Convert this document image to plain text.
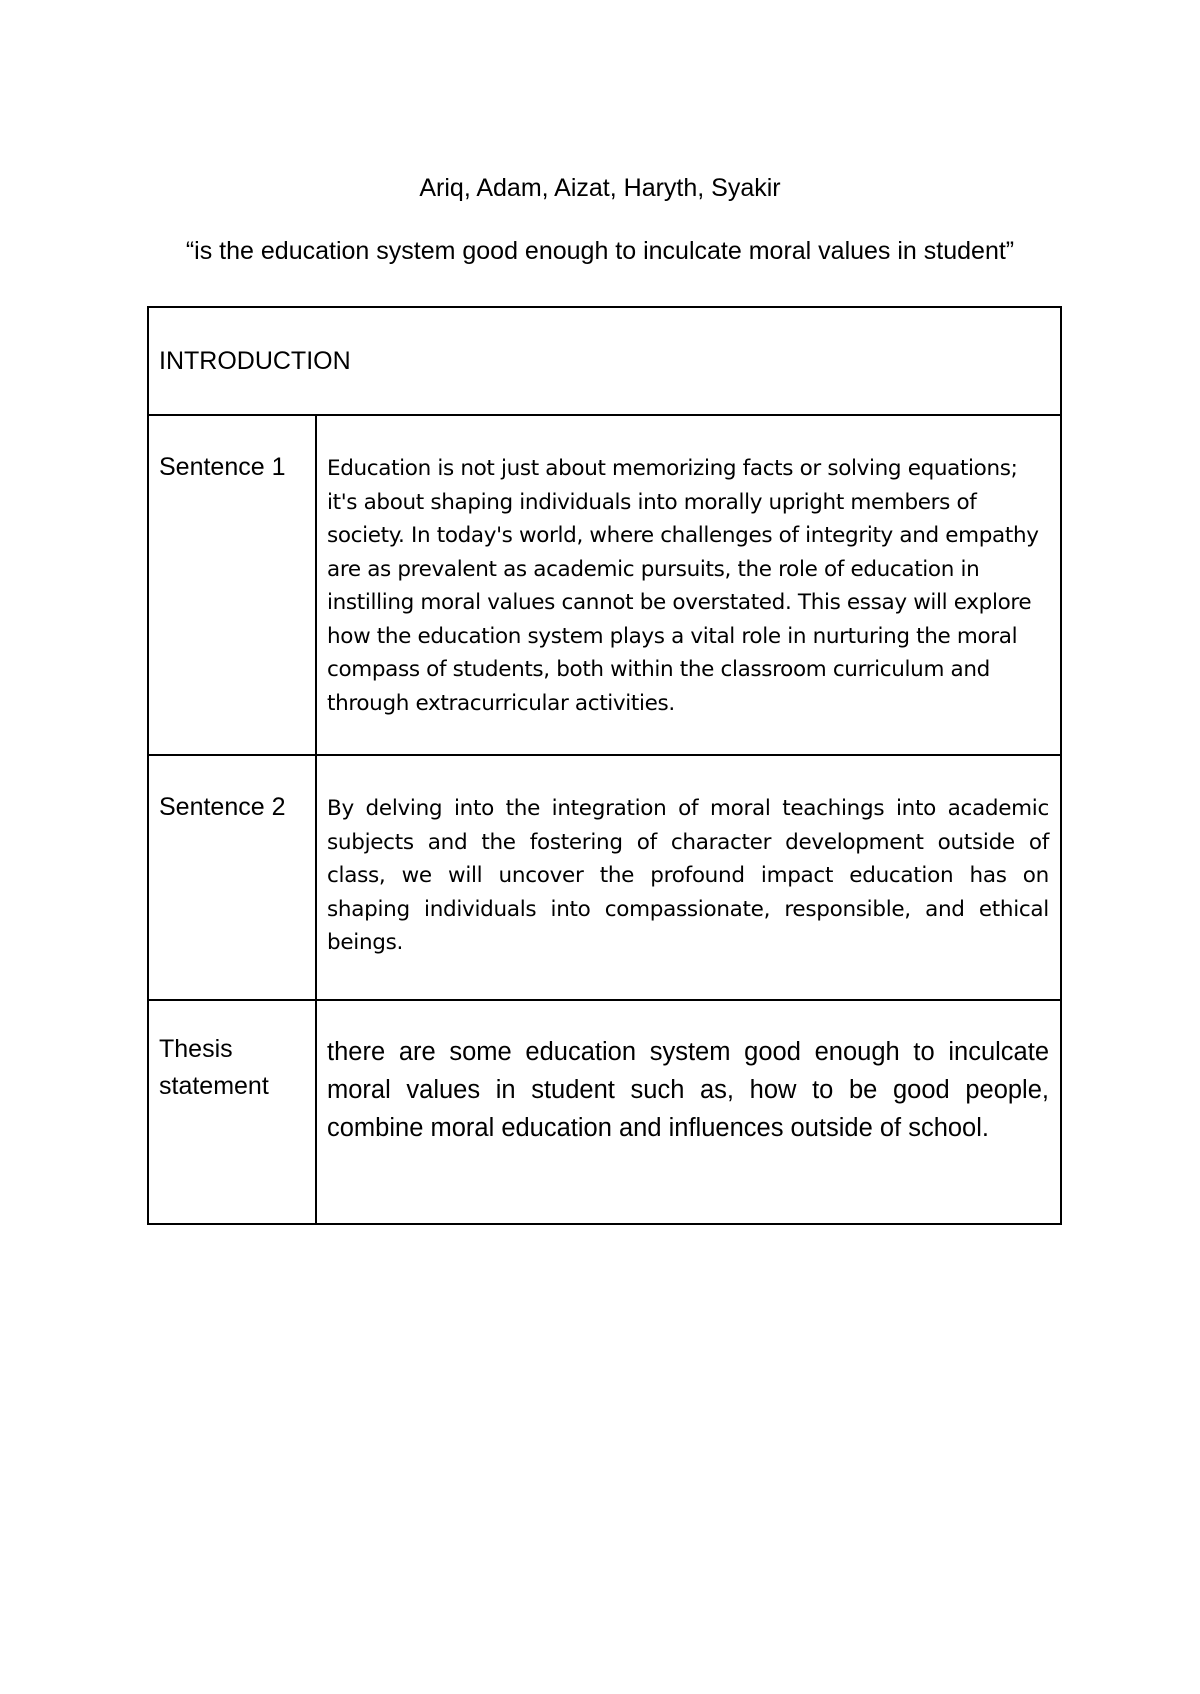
Ariq, Adam, Aizat, Haryth, Syakir
“is the education system good enough to inculcate moral values in student”
INTRODUCTION	

Sentence 1	Education is not just about memorizing facts or solving equations; it's about shaping individuals into morally upright members of society. In today's world, where challenges of integrity and empathy are as prevalent as academic pursuits, the role of education in instilling moral values cannot be overstated. This essay will explore how the education system plays a vital role in nurturing the moral compass of students, both within the classroom curriculum and through extracurricular activities.

Sentence 2	By delving into the integration of moral teachings into academic subjects and the fostering of character development outside of class, we will uncover the profound impact education has on shaping individuals into compassionate, responsible, and ethical beings.

Thesis statement	there are some education system good enough to inculcate moral values in student such as, how to be good people, combine moral education and influences outside of school.
